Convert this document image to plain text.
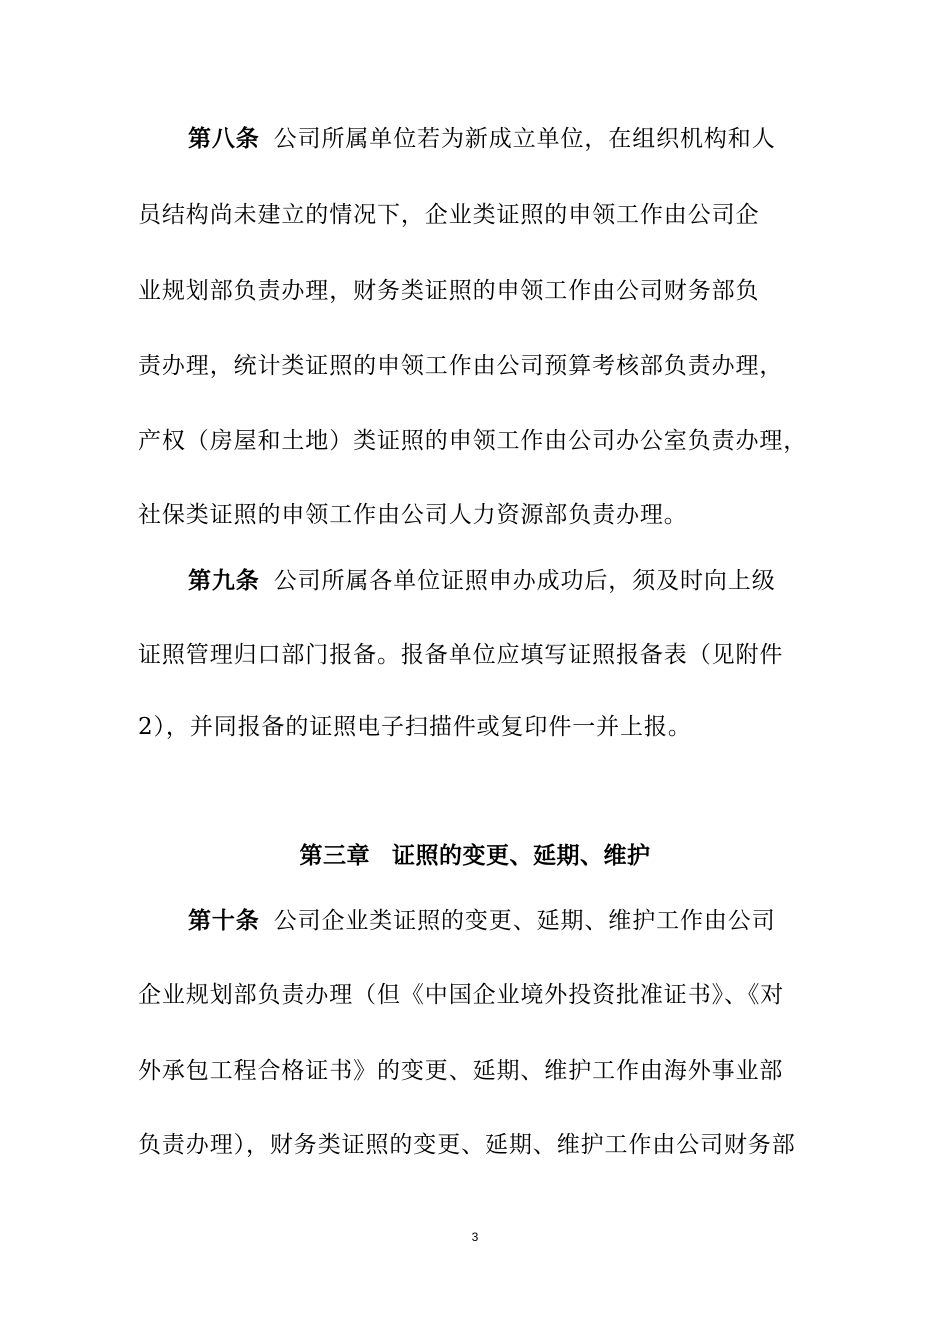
第八条 公司所属单位若为新成立单位，在组织机构和人
员结构尚未建立的情况下，企业类证照的申领工作由公司企
业规划部负责办理，财务类证照的申领工作由公司财务部负
责办理，统计类证照的申领工作由公司预算考核部负责办理，
产权（房屋和土地）类证照的申领工作由公司办公室负责办理，
社保类证照的申领工作由公司人力资源部负责办理。
第九条 公司所属各单位证照申办成功后，须及时向上级
证照管理归口部门报备。报备单位应填写证照报备表（见附件
2），并同报备的证照电子扫描件或复印件一并上报。
第三章 证照的变更、延期、维护
第十条 公司企业类证照的变更、延期、维护工作由公司
企业规划部负责办理（但《中国企业境外投资批准证书》、《对
外承包工程合格证书》的变更、延期、维护工作由海外事业部
负责办理），财务类证照的变更、延期、维护工作由公司财务部
3
